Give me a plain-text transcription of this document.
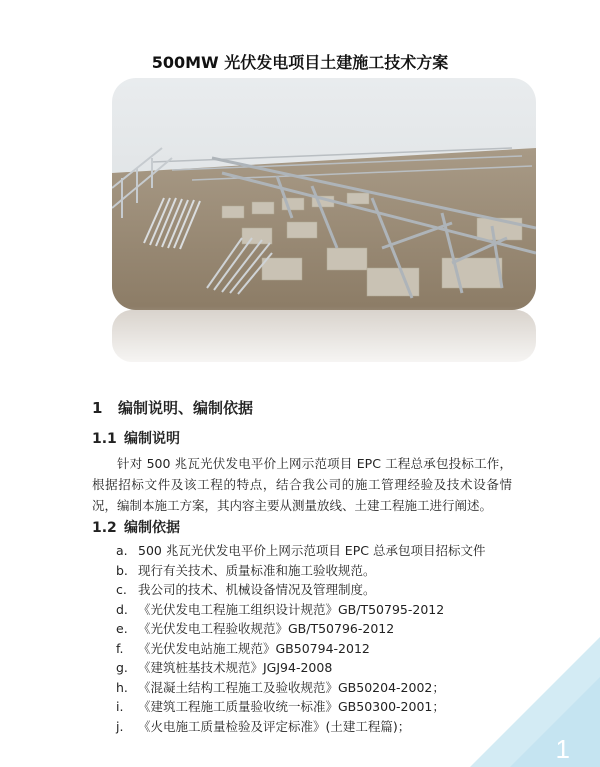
500MW 光伏发电项目土建施工技术方案
1 编制说明、编制依据
1.1 编制说明
针对 500 兆瓦光伏发电平价上网示范项目 EPC 工程总承包投标工作，根据招标文件及该工程的特点，结合我公司的施工管理经验及技术设备情况，编制本施工方案，其内容主要从测量放线、土建工程施工进行阐述。
1.2 编制依据
a. 500 兆瓦光伏发电平价上网示范项目 EPC 总承包项目招标文件
b. 现行有关技术、质量标准和施工验收规范。
c. 我公司的技术、机械设备情况及管理制度。
d. 《光伏发电工程施工组织设计规范》GB/T50795-2012
e. 《光伏发电工程验收规范》GB/T50796-2012
f. 《光伏发电站施工规范》GB50794-2012
g. 《建筑桩基技术规范》JGJ94-2008
h. 《混凝土结构工程施工及验收规范》GB50204-2002；
i. 《建筑工程施工质量验收统一标准》GB50300-2001；
j. 《火电施工质量检验及评定标准》(土建工程篇)；
1
